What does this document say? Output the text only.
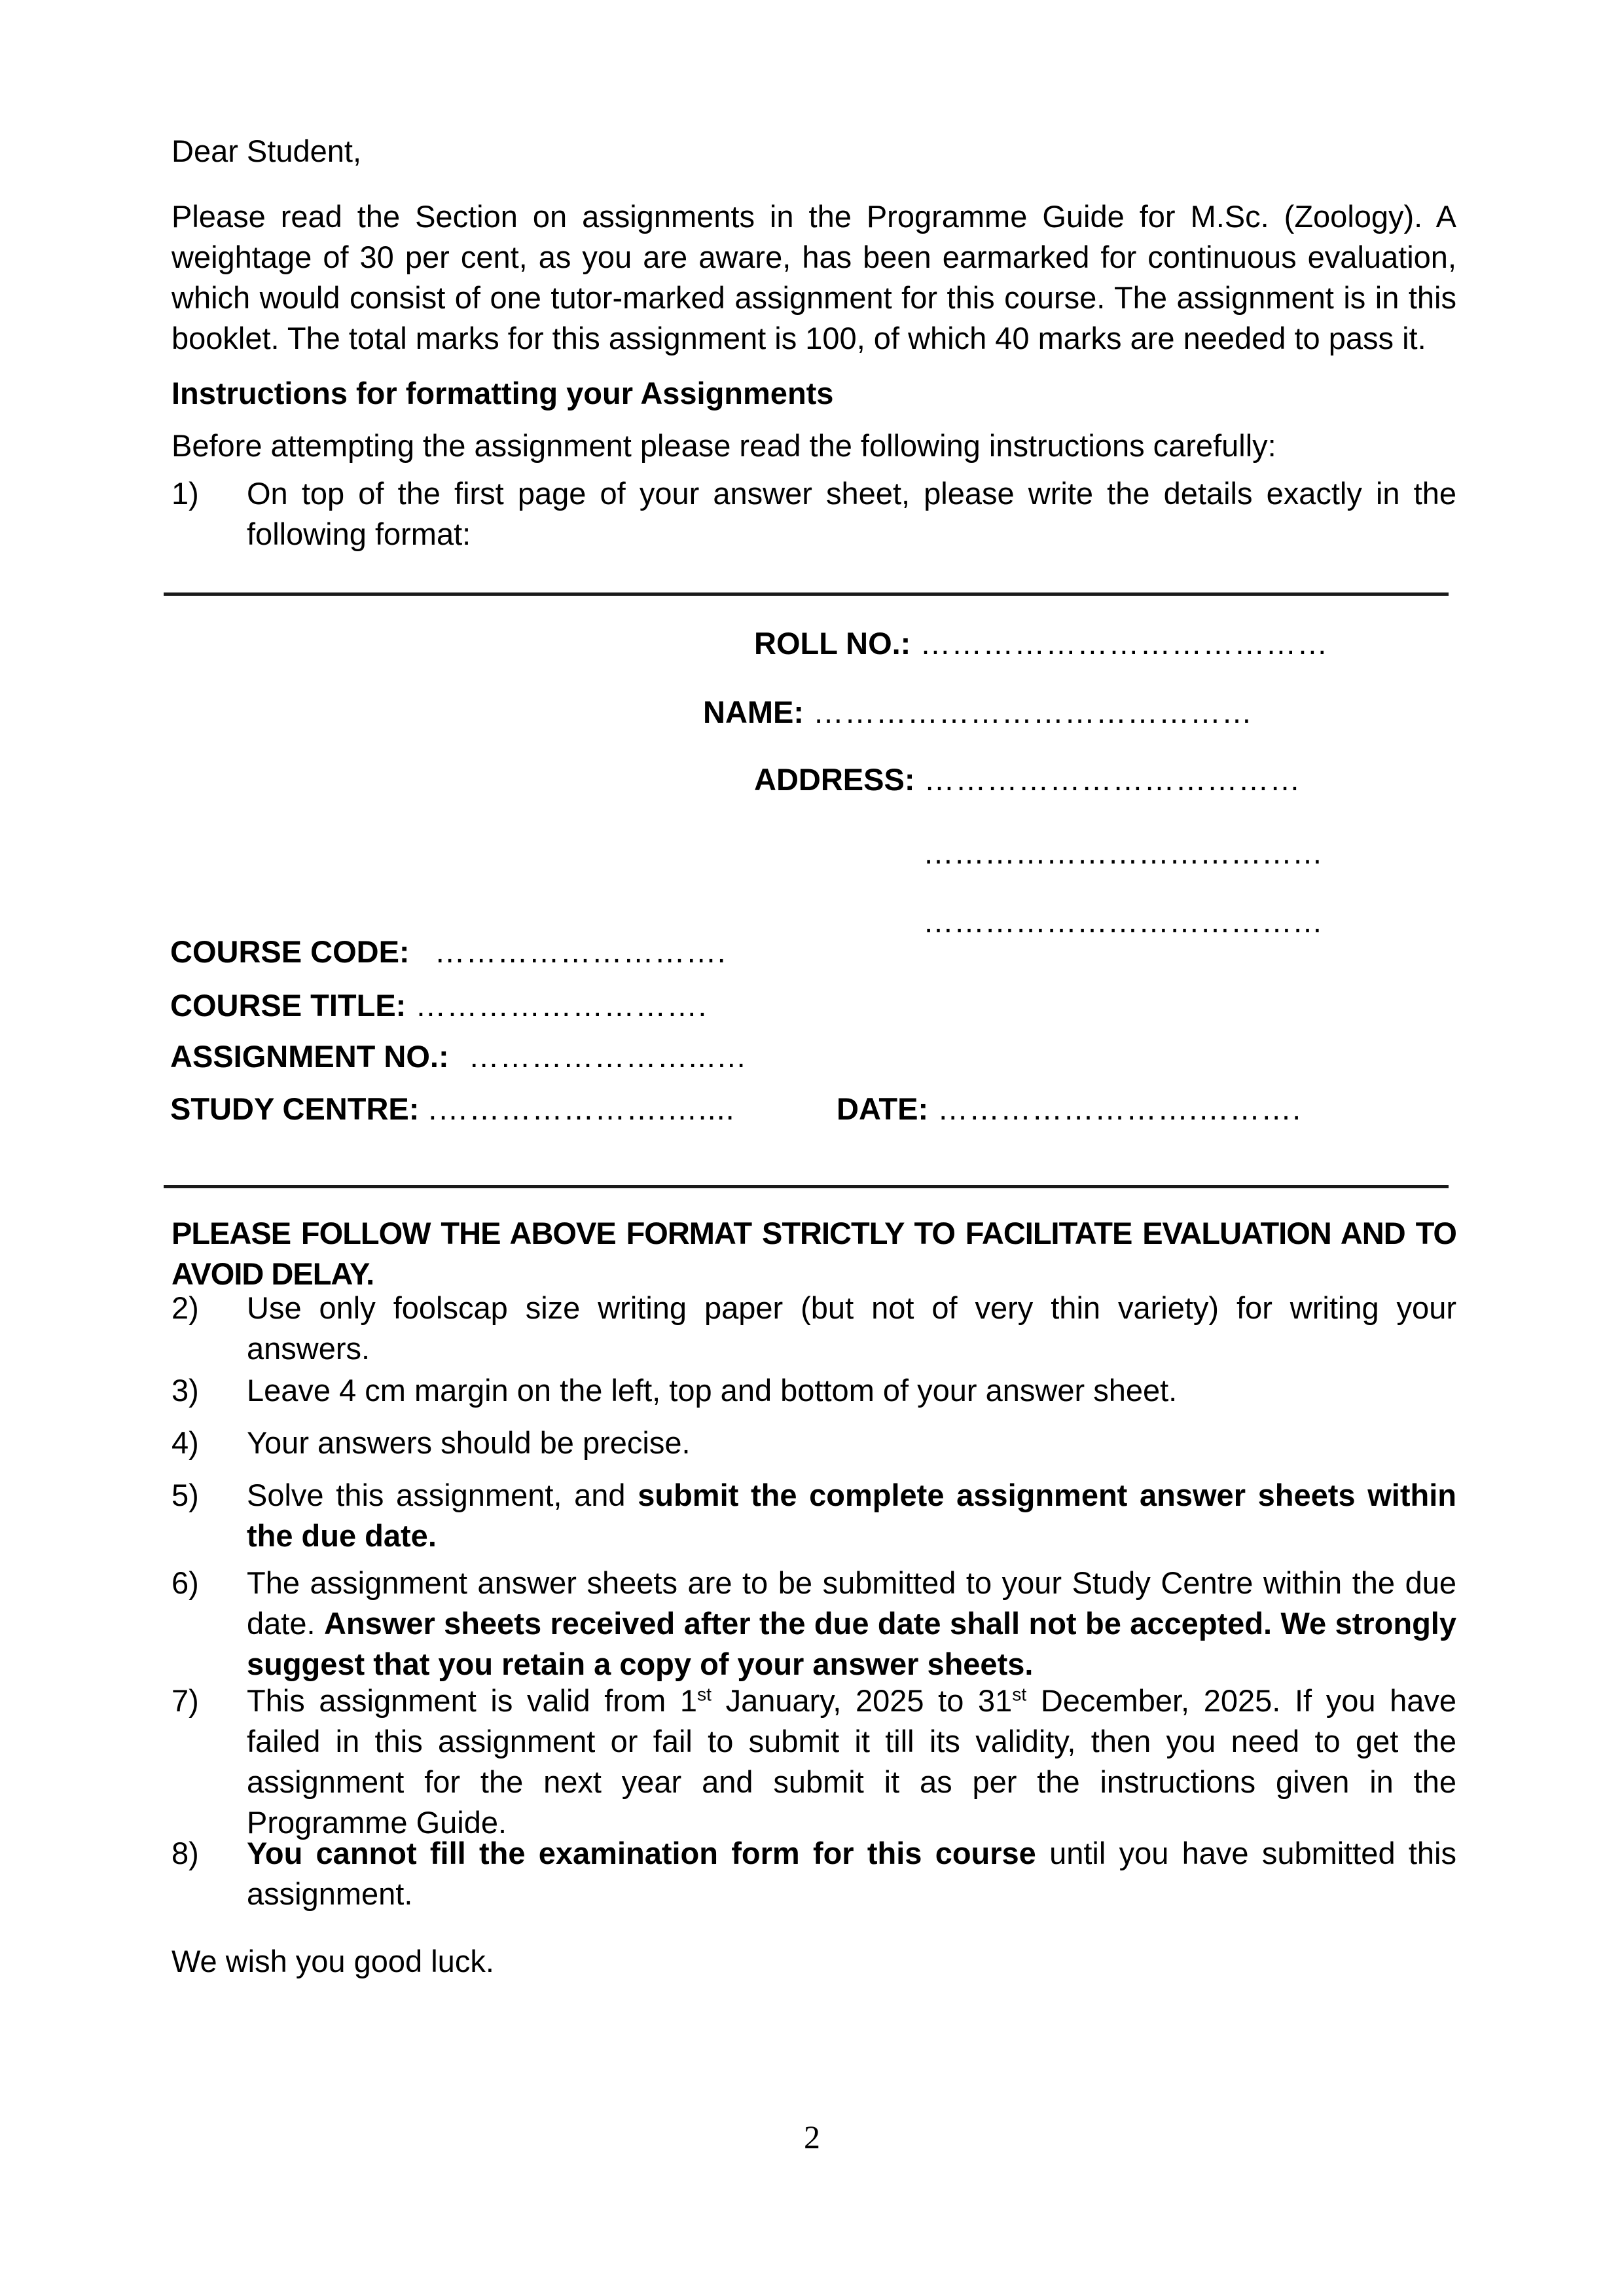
Dear Student,
Please read the Section on assignments in the Programme Guide for M.Sc. (Zoology). A weightage of 30 per cent, as you are aware, has been earmarked for continuous evaluation, which would consist of one tutor-marked assignment for this course. The assignment is in this booklet. The total marks for this assignment is 100, of which 40 marks are needed to pass it.
Instructions for formatting your Assignments
Before attempting the assignment please read the following instructions carefully:
1)	On top of the first page of your answer sheet, please write the details exactly in the following format:
ROLL NO.: …………………………………
NAME: ……………………………………
ADDRESS: ………………………………
…………………………………
…………………………………
COURSE CODE: ……………………….
COURSE TITLE: ……………………….
ASSIGNMENT NO.: …………………...…
STUDY CENTRE: .………………….…....	DATE: …………………….……….
PLEASE FOLLOW THE ABOVE FORMAT STRICTLY TO FACILITATE EVALUATION AND TO AVOID DELAY.
2)	Use only foolscap size writing paper (but not of very thin variety) for writing your answers.
3)	Leave 4 cm margin on the left, top and bottom of your answer sheet.
4)	Your answers should be precise.
5)	Solve this assignment, and submit the complete assignment answer sheets within the due date.
6)	The assignment answer sheets are to be submitted to your Study Centre within the due date. Answer sheets received after the due date shall not be accepted. We strongly suggest that you retain a copy of your answer sheets.
7)	This assignment is valid from 1st January, 2025 to 31st December, 2025. If you have failed in this assignment or fail to submit it till its validity, then you need to get the assignment for the next year and submit it as per the instructions given in the Programme Guide.
8)	You cannot fill the examination form for this course until you have submitted this assignment.
We wish you good luck.
2
